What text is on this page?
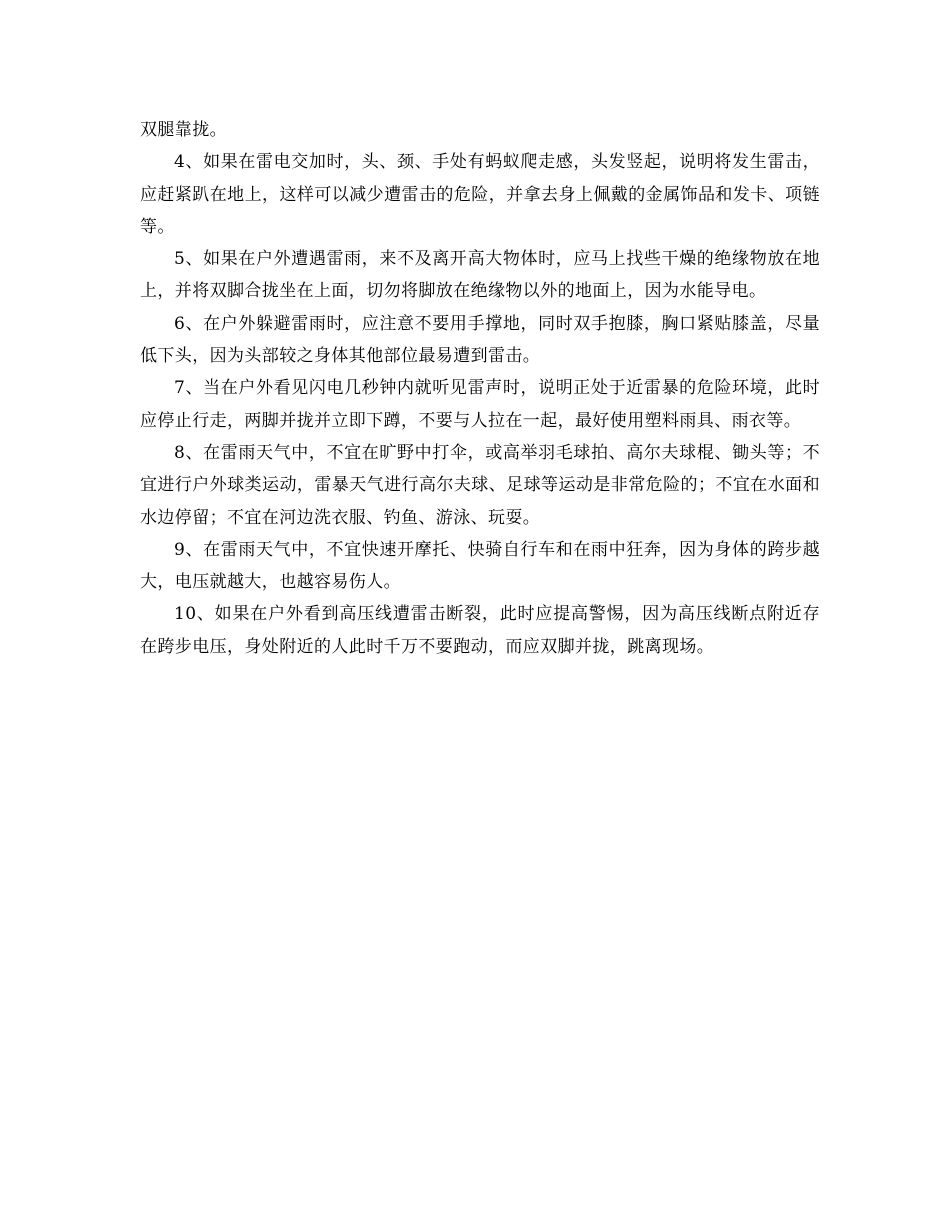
双腿靠拢。

4、如果在雷电交加时，头、颈、手处有蚂蚁爬走感，头发竖起，说明将发生雷击，应赶紧趴在地上，这样可以减少遭雷击的危险，并拿去身上佩戴的金属饰品和发卡、项链等。

5、如果在户外遭遇雷雨，来不及离开高大物体时，应马上找些干燥的绝缘物放在地上，并将双脚合拢坐在上面，切勿将脚放在绝缘物以外的地面上，因为水能导电。

6、在户外躲避雷雨时，应注意不要用手撑地，同时双手抱膝，胸口紧贴膝盖，尽量低下头，因为头部较之身体其他部位最易遭到雷击。

7、当在户外看见闪电几秒钟内就听见雷声时，说明正处于近雷暴的危险环境，此时应停止行走，两脚并拢并立即下蹲，不要与人拉在一起，最好使用塑料雨具、雨衣等。

8、在雷雨天气中，不宜在旷野中打伞，或高举羽毛球拍、高尔夫球棍、锄头等；不宜进行户外球类运动，雷暴天气进行高尔夫球、足球等运动是非常危险的；不宜在水面和水边停留；不宜在河边洗衣服、钓鱼、游泳、玩耍。

9、在雷雨天气中，不宜快速开摩托、快骑自行车和在雨中狂奔，因为身体的跨步越大，电压就越大，也越容易伤人。

10、如果在户外看到高压线遭雷击断裂，此时应提高警惕，因为高压线断点附近存在跨步电压，身处附近的人此时千万不要跑动，而应双脚并拢，跳离现场。
